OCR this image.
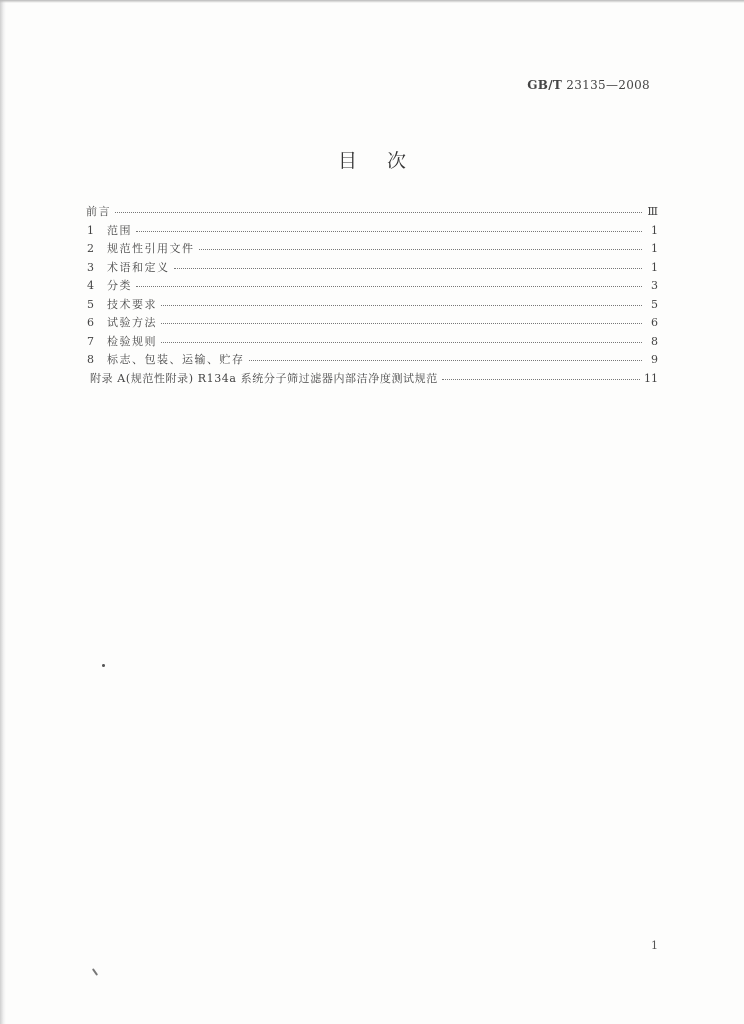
GB/T 23135—2008
目次
前言	Ⅲ
1	范围	1
2	规范性引用文件	1
3	术语和定义	1
4	分类	3
5	技术要求	5
6	试验方法	6
7	检验规则	8
8	标志、包装、运输、贮存	9
附录 A(规范性附录) R134a 系统分子筛过滤器内部洁净度测试规范	11
1
